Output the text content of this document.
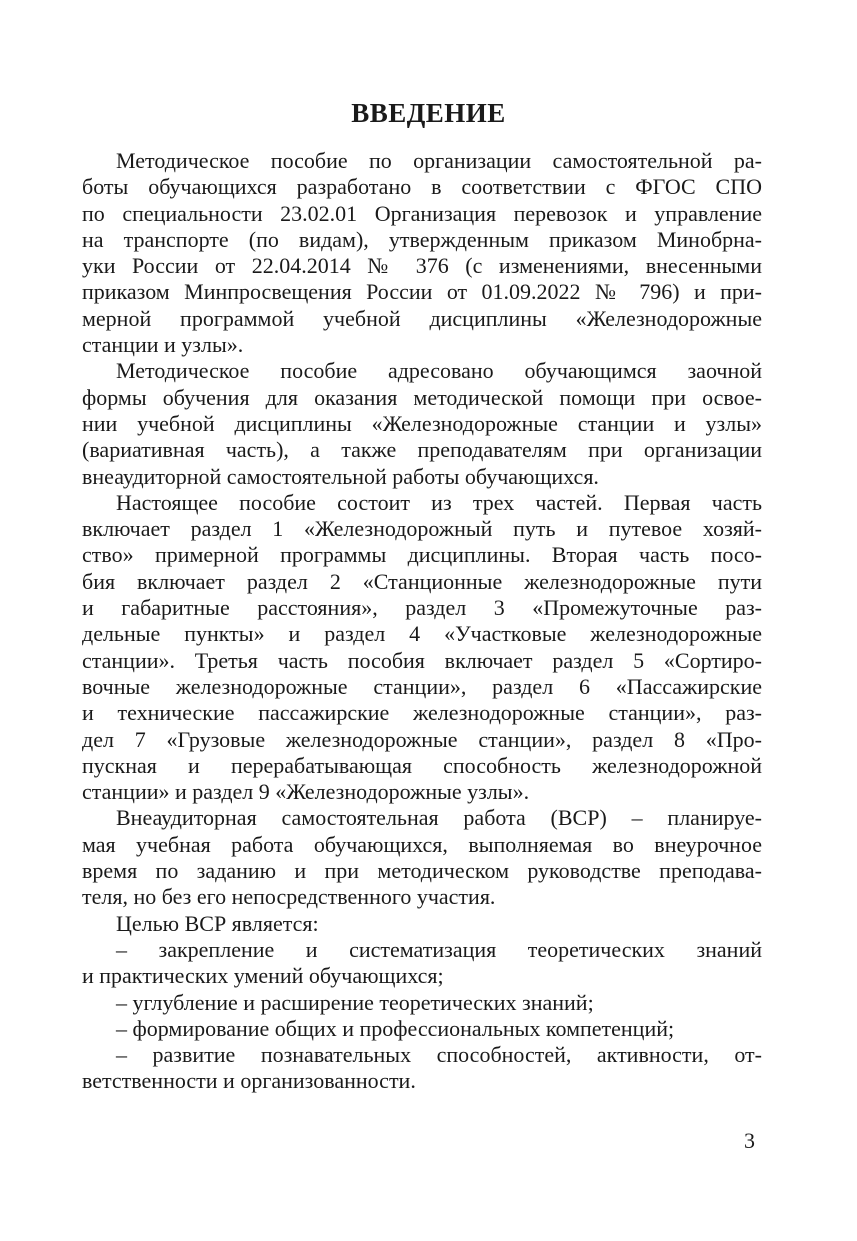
ВВЕДЕНИЕ
Методическое пособие по организации самостоятельной ра-
боты обучающихся разработано в соответствии с ФГОС СПО
по специальности 23.02.01 Организация перевозок и управление
на транспорте (по видам), утвержденным приказом Минобрна-
уки России от 22.04.2014 № 376 (с изменениями, внесенными
приказом Минпросвещения России от 01.09.2022 № 796) и при-
мерной программой учебной дисциплины «Железнодорожные
станции и узлы».
Методическое пособие адресовано обучающимся заочной
формы обучения для оказания методической помощи при освое-
нии учебной дисциплины «Железнодорожные станции и узлы»
(вариативная часть), а также преподавателям при организации
внеаудиторной самостоятельной работы обучающихся.
Настоящее пособие состоит из трех частей. Первая часть
включает раздел 1 «Железнодорожный путь и путевое хозяй-
ство» примерной программы дисциплины. Вторая часть посо-
бия включает раздел 2 «Станционные железнодорожные пути
и габаритные расстояния», раздел 3 «Промежуточные раз-
дельные пункты» и раздел 4 «Участковые железнодорожные
станции». Третья часть пособия включает раздел 5 «Сортиро-
вочные железнодорожные станции», раздел 6 «Пассажирские
и технические пассажирские железнодорожные станции», раз-
дел 7 «Грузовые железнодорожные станции», раздел 8 «Про-
пускная и перерабатывающая способность железнодорожной
станции» и раздел 9 «Железнодорожные узлы».
Внеаудиторная самостоятельная работа (ВСР) – планируе-
мая учебная работа обучающихся, выполняемая во внеурочное
время по заданию и при методическом руководстве преподава-
теля, но без его непосредственного участия.
Целью ВСР является:
– закрепление и систематизация теоретических знаний
и практических умений обучающихся;
– углубление и расширение теоретических знаний;
– формирование общих и профессиональных компетенций;
– развитие познавательных способностей, активности, от-
ветственности и организованности.
3
